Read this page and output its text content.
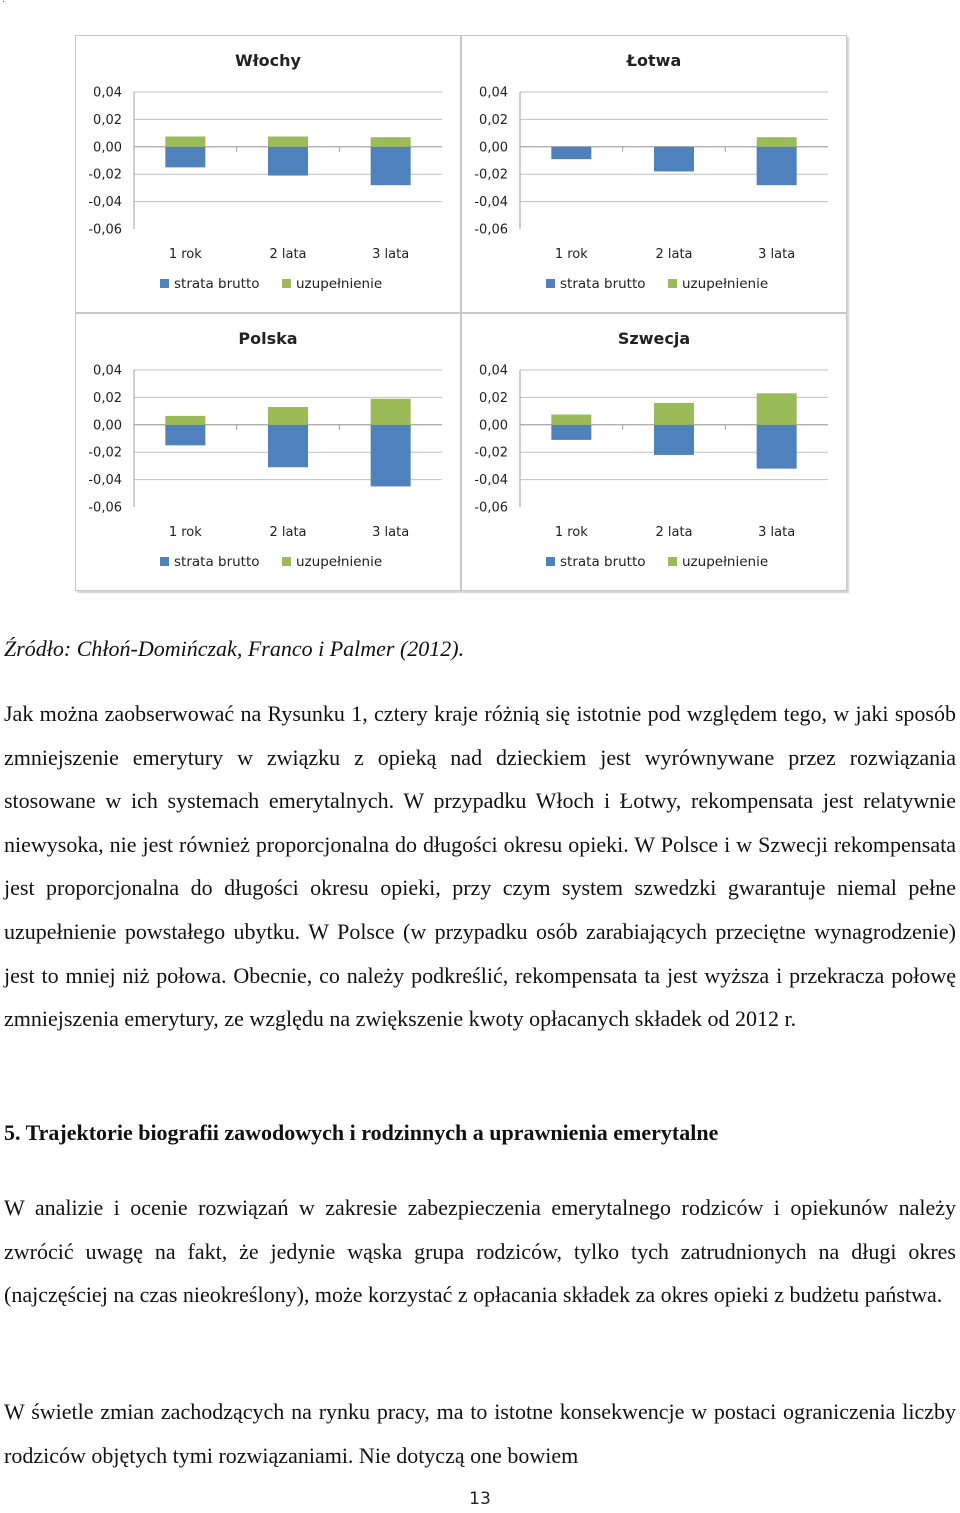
Włochy
0,04
0,02
0,00
-0,02
-0,04
-0,06
1 rok	2 lata	3 lata
strata brutto	uzupełnienie
Łotwa
0,04
0,02
0,00
-0,02
-0,04
-0,06
1 rok	2 lata	3 lata
strata brutto	uzupełnienie
Polska
0,04
0,02
0,00
-0,02
-0,04
-0,06
1 rok	2 lata	3 lata
strata brutto	uzupełnienie
Szwecja
0,04
0,02
0,00
-0,02
-0,04
-0,06
1 rok	2 lata	3 lata
strata brutto	uzupełnienie
Źródło: Chłoń-Domińczak, Franco i Palmer (2012).

Jak można zaobserwować na Rysunku 1, cztery kraje różnią się istotnie pod względem tego, w jaki sposób zmniejszenie emerytury w związku z opieką nad dzieckiem jest wyrównywane przez rozwiązania stosowane w ich systemach emerytalnych. W przypadku Włoch i Łotwy, rekompensata jest relatywnie niewysoka, nie jest również proporcjonalna do długości okresu opieki. W Polsce i w Szwecji rekompensata jest proporcjonalna do długości okresu opieki, przy czym system szwedzki gwarantuje niemal pełne uzupełnienie powstałego ubytku. W Polsce (w przypadku osób zarabiających przeciętne wynagrodzenie) jest to mniej niż połowa. Obecnie, co należy podkreślić, rekompensata ta jest wyższa i przekracza połowę zmniejszenia emerytury, ze względu na zwiększenie kwoty opłacanych składek od 2012 r.

5. Trajektorie biografii zawodowych i rodzinnych a uprawnienia emerytalne

W analizie i ocenie rozwiązań w zakresie zabezpieczenia emerytalnego rodziców i opiekunów należy zwrócić uwagę na fakt, że jedynie wąska grupa rodziców, tylko tych zatrudnionych na długi okres (najczęściej na czas nieokreślony), może korzystać z opłacania składek za okres opieki z budżetu państwa.

W świetle zmian zachodzących na rynku pracy, ma to istotne konsekwencje w postaci ograniczenia liczby rodziców objętych tymi rozwiązaniami. Nie dotyczą one bowiem

13
